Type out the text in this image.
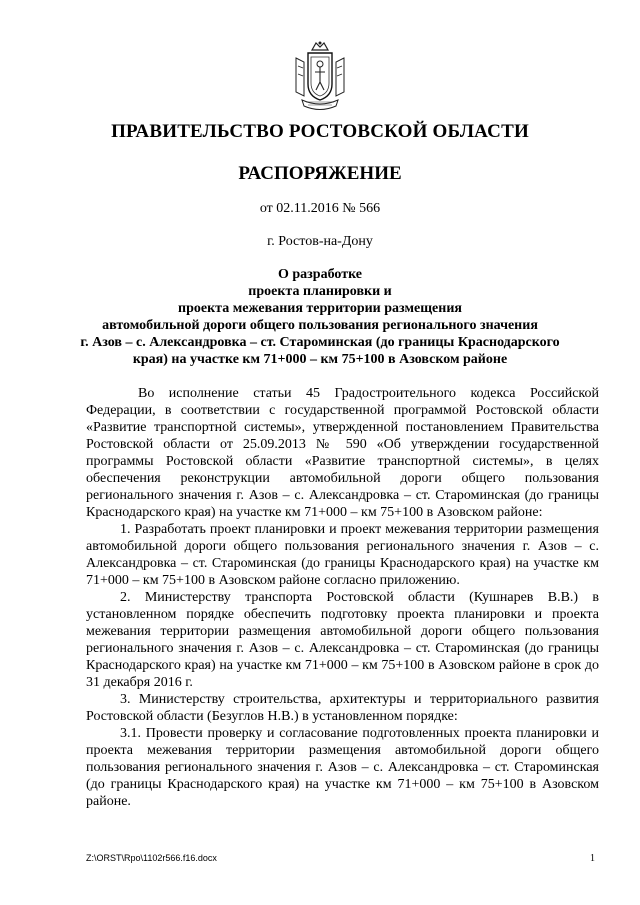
ПРАВИТЕЛЬСТВО РОСТОВСКОЙ ОБЛАСТИ
РАСПОРЯЖЕНИЕ
от 02.11.2016 № 566
г. Ростов-на-Дону
О разработке
проекта планировки и
проекта межевания территории размещения
автомобильной дороги общего пользования регионального значения
г. Азов – с. Александровка – ст. Староминская (до границы Краснодарского
края) на участке км 71+000 – км 75+100 в Азовском районе

Во исполнение статьи 45 Градостроительного кодекса Российской Федерации, в соответствии с государственной программой Ростовской области «Развитие транспортной системы», утвержденной постановлением Правительства Ростовской области от 25.09.2013 № 590 «Об утверждении государственной программы Ростовской области «Развитие транспортной системы», в целях обеспечения реконструкции автомобильной дороги общего пользования регионального значения г. Азов – с. Александровка – ст. Староминская (до границы Краснодарского края) на участке км 71+000 – км 75+100 в Азовском районе:

1. Разработать проект планировки и проект межевания территории размещения автомобильной дороги общего пользования регионального значения г. Азов – с. Александровка – ст. Староминская (до границы Краснодарского края) на участке км 71+000 – км 75+100 в Азовском районе согласно приложению.

2. Министерству транспорта Ростовской области (Кушнарев В.В.) в установленном порядке обеспечить подготовку проекта планировки и проекта межевания территории размещения автомобильной дороги общего пользования регионального значения г. Азов – с. Александровка – ст. Староминская (до границы Краснодарского края) на участке км 71+000 – км 75+100 в Азовском районе в срок до 31 декабря 2016 г.

3. Министерству строительства, архитектуры и территориального развития Ростовской области (Безуглов Н.В.) в установленном порядке:

3.1. Провести проверку и согласование подготовленных проекта планировки и проекта межевания территории размещения автомобильной дороги общего пользования регионального значения г. Азов – с. Александровка – ст. Староминская (до границы Краснодарского края) на участке км 71+000 – км 75+100 в Азовском районе.

Z:\ORST\Rpo\1102r566.f16.docx	1
